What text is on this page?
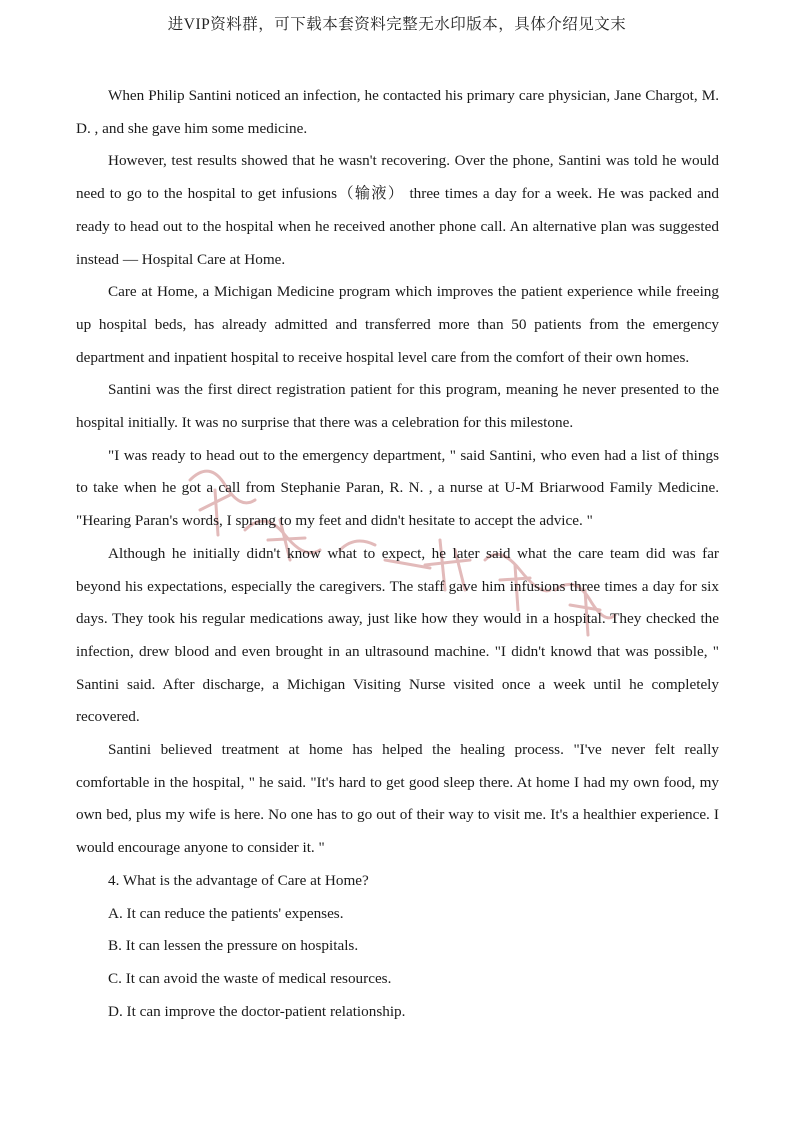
进VIP资料群，可下载本套资料完整无水印版本，具体介绍见文末

When Philip Santini noticed an infection, he contacted his primary care physician, Jane Chargot, M. D. , and she gave him some medicine.

However, test results showed that he wasn't recovering. Over the phone, Santini was told he would need to go to the hospital to get infusions（输液） three times a day for a week. He was packed and ready to head out to the hospital when he received another phone call. An alternative plan was suggested instead — Hospital Care at Home.

Care at Home, a Michigan Medicine program which improves the patient experience while freeing up hospital beds, has already admitted and transferred more than 50 patients from the emergency department and inpatient hospital to receive hospital level care from the comfort of their own homes.

Santini was the first direct registration patient for this program, meaning he never presented to the hospital initially. It was no surprise that there was a celebration for this milestone.

"I was ready to head out to the emergency department, " said Santini, who even had a list of things to take when he got a call from Stephanie Paran, R. N. , a nurse at U-M Briarwood Family Medicine. "Hearing Paran's words, I sprang to my feet and didn't hesitate to accept the advice. "

Although he initially didn't know what to expect, he later said what the care team did was far beyond his expectations, especially the caregivers. The staff gave him infusions three times a day for six days. They took his regular medications away, just like how they would in a hospital. They checked the infection, drew blood and even brought in an ultrasound machine. "I didn't knowd that was possible, " Santini said. After discharge, a Michigan Visiting Nurse visited once a week until he completely recovered.

Santini believed treatment at home has helped the healing process. "I've never felt really comfortable in the hospital, " he said. "It's hard to get good sleep there. At home I had my own food, my own bed, plus my wife is here. No one has to go out of their way to visit me. It's a healthier experience. I would encourage anyone to consider it. "

4. What is the advantage of Care at Home?

A. It can reduce the patients' expenses.

B. It can lessen the pressure on hospitals.

C. It can avoid the waste of medical resources.

D. It can improve the doctor-patient relationship.
